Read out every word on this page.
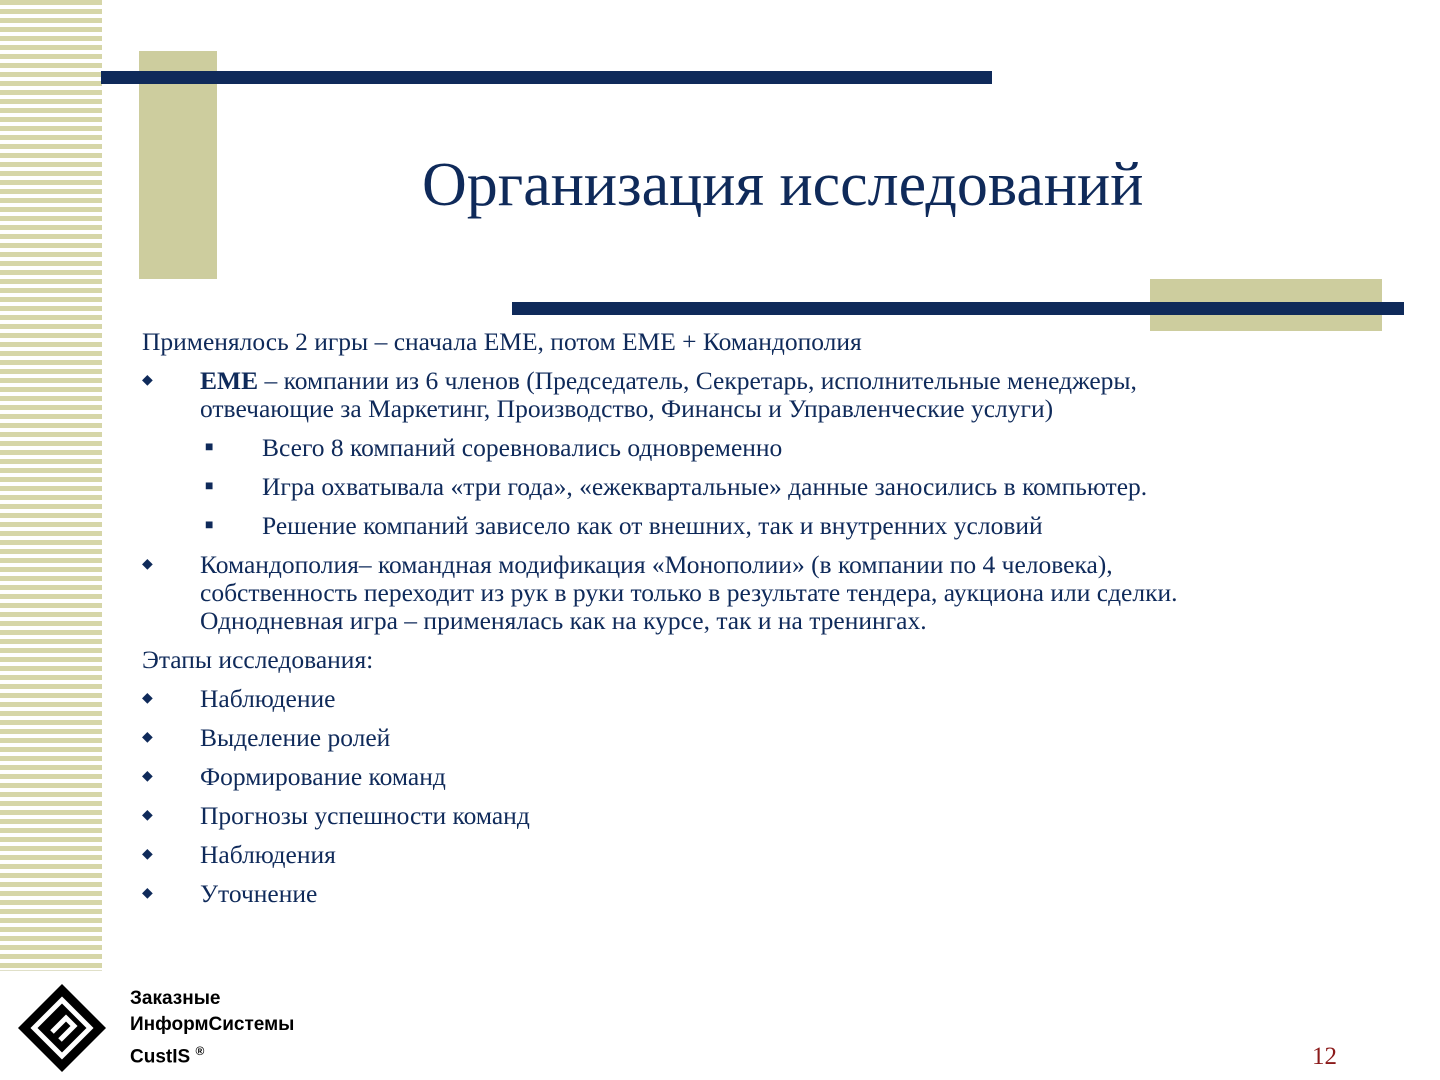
Организация исследований
Применялось 2 игры – сначала ЕМЕ, потом ЕМЕ + Командополия
◆ ЕМЕ – компании из 6 членов (Председатель, Секретарь, исполнительные менеджеры,
отвечающие за Маркетинг, Производство, Финансы и Управленческие услуги)
■ Всего 8 компаний соревновались одновременно
■ Игра охватывала «три года», «ежеквартальные» данные заносились в компьютер.
■ Решение компаний зависело как от внешних, так и внутренних условий
◆ Командополия– командная модификация «Монополии» (в компании по 4 человека),
собственность переходит из рук в руки только в результате тендера, аукциона или сделки.
Однодневная игра – применялась как на курсе, так и на тренингах.
Этапы исследования:
◆ Наблюдение
◆ Выделение ролей
◆ Формирование команд
◆ Прогнозы успешности команд
◆ Наблюдения
◆ Уточнение
Заказные
ИнформСистемы
CustIS ®	12
